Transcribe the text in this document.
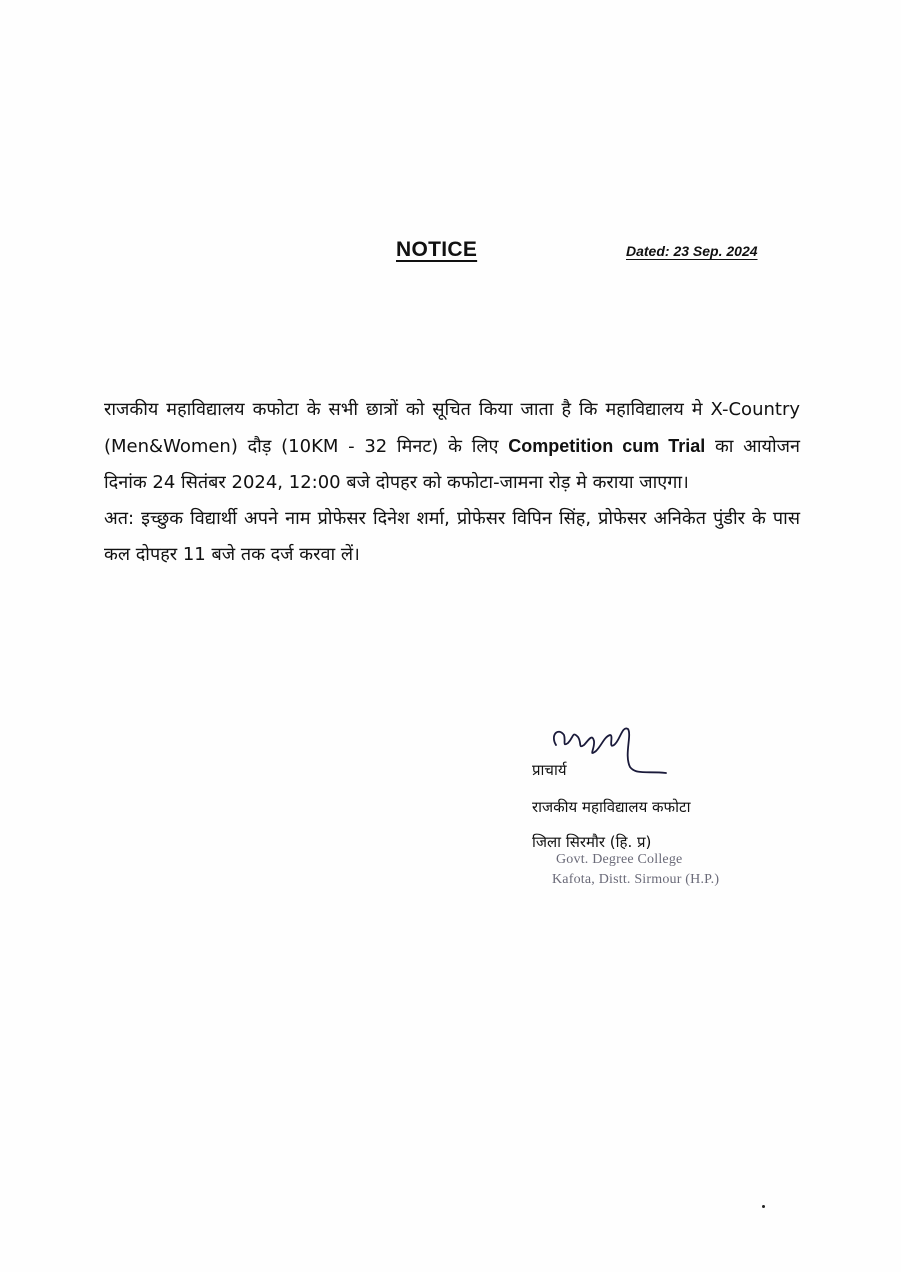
NOTICE	Dated: 23 Sep. 2024

राजकीय महाविद्यालय कफोटा के सभी छात्रों को सूचित किया जाता है कि महाविद्यालय मे X-Country (Men&Women) दौड़ (10KM - 32 मिनट) के लिए Competition cum Trial का आयोजन दिनांक 24 सितंबर 2024, 12:00 बजे दोपहर को कफोटा-जामना रोड़ मे कराया जाएगा।

अत: इच्छुक विद्यार्थी अपने नाम प्रोफेसर दिनेश शर्मा, प्रोफेसर विपिन सिंह, प्रोफेसर अनिकेत पुंडीर के पास कल दोपहर 11 बजे तक दर्ज करवा लें।

प्राचार्य
राजकीय महाविद्यालय कफोटा
जिला सिरमौर (हि. प्र)
Govt. Degree College
Kafota, Distt. Sirmour (H.P.)
